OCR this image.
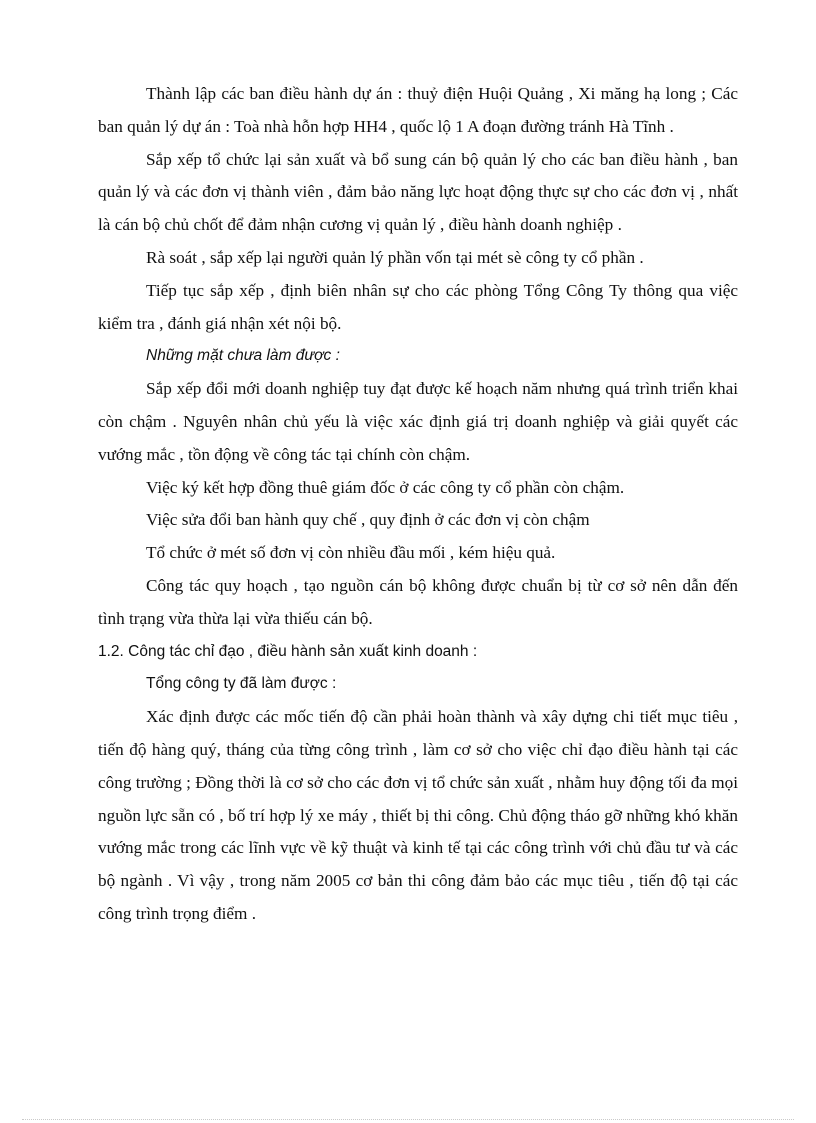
Thành lập các ban điều hành dự án : thuỷ điện Huội Quảng , Xi măng hạ long ; Các ban quản lý dự án : Toà nhà hỗn hợp HH4 , quốc lộ 1 A đoạn đường tránh Hà Tĩnh .

Sắp xếp tổ chức lại sản xuất và bổ sung cán bộ quản lý cho các ban điều hành , ban quản lý và các đơn vị thành viên , đảm bảo năng lực hoạt động thực sự cho các đơn vị , nhất là cán bộ chủ chốt để đảm nhận cương vị quản lý , điều hành doanh nghiệp .

Rà soát , sắp xếp lại người quản lý phần vốn tại mét sè công ty cổ phần .

Tiếp tục sắp xếp , định biên nhân sự cho các phòng Tổng Công Ty thông qua việc kiểm tra , đánh giá nhận xét nội bộ.

Những mặt chưa làm được :

Sắp xếp đổi mới doanh nghiệp tuy đạt được kế hoạch năm nhưng quá trình triển khai còn chậm . Nguyên nhân chủ yếu là việc xác định giá trị doanh nghiệp và giải quyết các vướng mắc , tồn động về công tác tại chính còn chậm.

Việc ký kết hợp đồng thuê giám đốc ở các công ty cổ phần còn chậm.

Việc sửa đổi ban hành quy chế , quy định ở các đơn vị còn chậm

Tổ chức ở mét số đơn vị còn nhiều đầu mối , kém hiệu quả.

Công tác quy hoạch , tạo nguồn cán bộ không được chuẩn bị từ cơ sở nên dẫn đến tình trạng vừa thừa lại vừa thiếu cán bộ.

1.2. Công tác chỉ đạo , điều hành sản xuất kinh doanh :

Tổng công ty đã làm được :

Xác định được các mốc tiến độ cần phải hoàn thành và xây dựng chi tiết mục tiêu , tiến độ hàng quý, tháng của từng công trình , làm cơ sở cho việc chỉ đạo điều hành tại các công trường ; Đồng thời là cơ sở cho các đơn vị tổ chức sản xuất , nhằm huy động tối đa mọi nguồn lực sẵn có , bố trí hợp lý xe máy , thiết bị thi công. Chủ động tháo gỡ những khó khăn vướng mắc trong các lĩnh vực về kỹ thuật và kinh tế tại các công trình với chủ đầu tư và các bộ ngành . Vì vậy , trong năm 2005 cơ bản thi công đảm bảo các mục tiêu , tiến độ tại các công trình trọng điểm .
